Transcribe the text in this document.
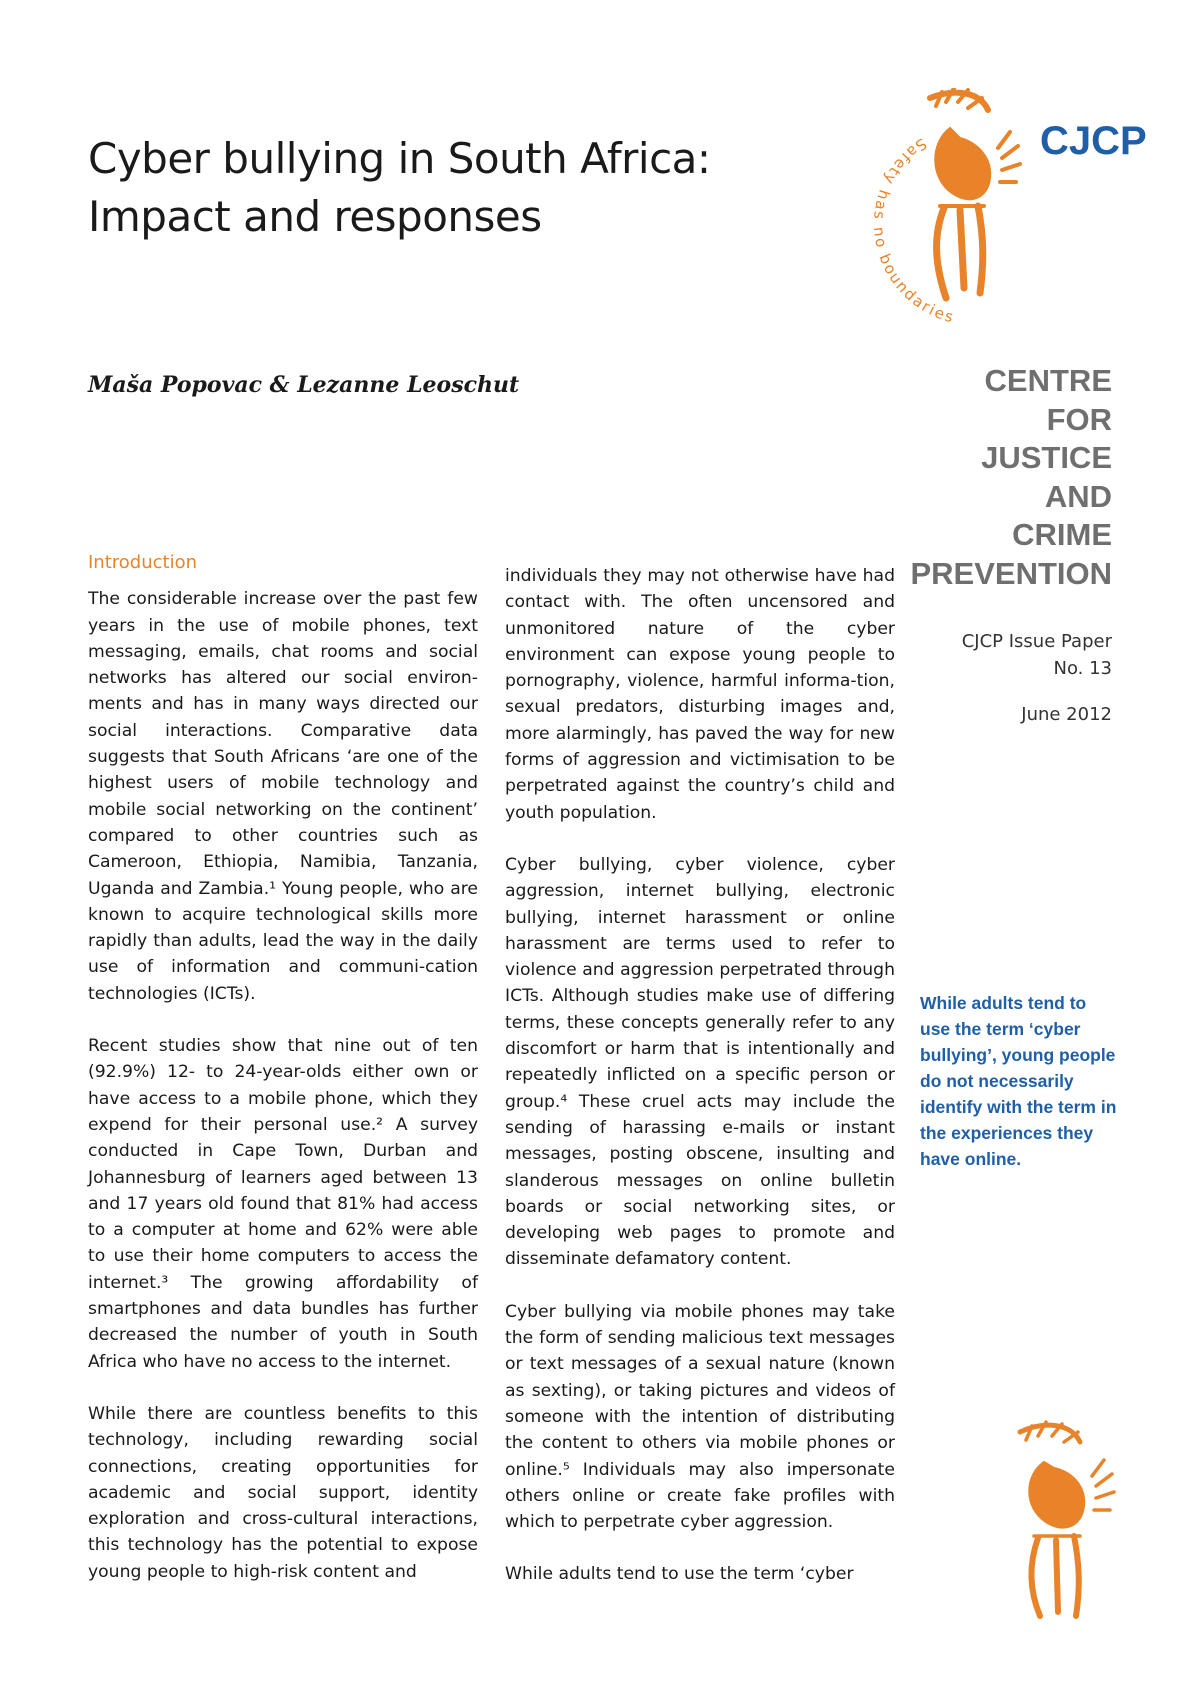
Cyber bullying in South Africa:
Impact and responses

Maša Popovac & Lezanne Leoschut

Safety has no boundaries
CJCP

CENTRE
FOR
JUSTICE
AND
CRIME
PREVENTION

CJCP Issue Paper
No. 13
June 2012
Introduction

The considerable increase over the past few years in the use of mobile phones, text messaging, emails, chat rooms and social networks has altered our social environ-ments and has in many ways directed our social interactions. Comparative data suggests that South Africans ‘are one of the highest users of mobile technology and mobile social networking on the continent’ compared to other countries such as Cameroon, Ethiopia, Namibia, Tanzania, Uganda and Zambia.¹ Young people, who are known to acquire technological skills more rapidly than adults, lead the way in the daily use of information and communi-cation technologies (ICTs).

Recent studies show that nine out of ten (92.9%) 12- to 24-year-olds either own or have access to a mobile phone, which they expend for their personal use.² A survey conducted in Cape Town, Durban and Johannesburg of learners aged between 13 and 17 years old found that 81% had access to a computer at home and 62% were able to use their home computers to access the internet.³ The growing affordability of smartphones and data bundles has further decreased the number of youth in South Africa who have no access to the internet.

While there are countless benefits to this technology, including rewarding social connections, creating opportunities for academic and social support, identity exploration and cross-cultural interactions, this technology has the potential to expose young people to high-risk content and

individuals they may not otherwise have had contact with. The often uncensored and unmonitored nature of the cyber environment can expose young people to pornography, violence, harmful informa-tion, sexual predators, disturbing images and, more alarmingly, has paved the way for new forms of aggression and victimisation to be perpetrated against the country’s child and youth population.

Cyber bullying, cyber violence, cyber aggression, internet bullying, electronic bullying, internet harassment or online harassment are terms used to refer to violence and aggression perpetrated through ICTs. Although studies make use of differing terms, these concepts generally refer to any discomfort or harm that is intentionally and repeatedly inflicted on a specific person or group.⁴ These cruel acts may include the sending of harassing e-mails or instant messages, posting obscene, insulting and slanderous messages on online bulletin boards or social networking sites, or developing web pages to promote and disseminate defamatory content.

Cyber bullying via mobile phones may take the form of sending malicious text messages or text messages of a sexual nature (known as sexting), or taking pictures and videos of someone with the intention of distributing the content to others via mobile phones or online.⁵ Individuals may also impersonate others online or create fake profiles with which to perpetrate cyber aggression.

While adults tend to use the term ‘cyber

While adults tend to use the term ‘cyber bullying’, young people do not necessarily identify with the term in the experiences they have online.
